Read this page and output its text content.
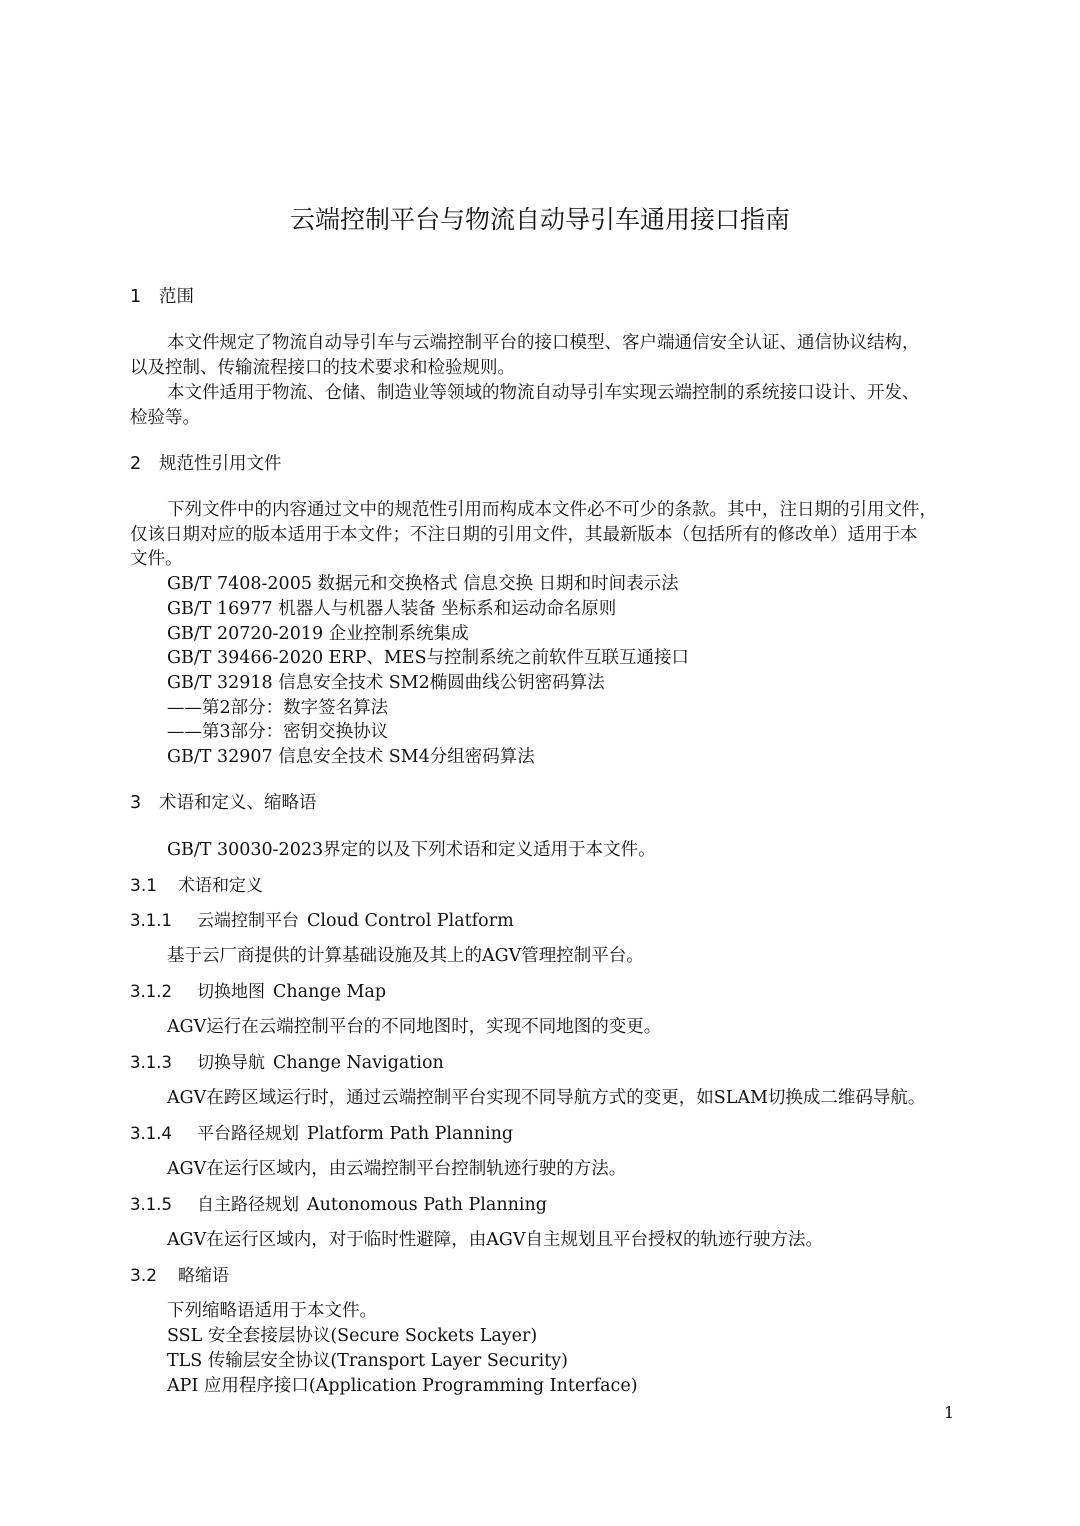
云端控制平台与物流自动导引车通用接口指南
1 范围
本文件规定了物流自动导引车与云端控制平台的接口模型、客户端通信安全认证、通信协议结构，
以及控制、传输流程接口的技术要求和检验规则。
本文件适用于物流、仓储、制造业等领域的物流自动导引车实现云端控制的系统接口设计、开发、
检验等。
2 规范性引用文件
下列文件中的内容通过文中的规范性引用而构成本文件必不可少的条款。其中，注日期的引用文件，
仅该日期对应的版本适用于本文件；不注日期的引用文件，其最新版本（包括所有的修改单）适用于本
文件。
GB/T 7408-2005 数据元和交换格式 信息交换 日期和时间表示法
GB/T 16977 机器人与机器人装备 坐标系和运动命名原则
GB/T 20720-2019 企业控制系统集成
GB/T 39466-2020 ERP、MES与控制系统之前软件互联互通接口
GB/T 32918 信息安全技术 SM2椭圆曲线公钥密码算法
——第2部分：数字签名算法
——第3部分：密钥交换协议
GB/T 32907 信息安全技术 SM4分组密码算法
3 术语和定义、缩略语
GB/T 30030-2023界定的以及下列术语和定义适用于本文件。
3.1 术语和定义
3.1.1 云端控制平台 Cloud Control Platform
基于云厂商提供的计算基础设施及其上的AGV管理控制平台。
3.1.2 切换地图 Change Map
AGV运行在云端控制平台的不同地图时，实现不同地图的变更。
3.1.3 切换导航 Change Navigation
AGV在跨区域运行时，通过云端控制平台实现不同导航方式的变更，如SLAM切换成二维码导航。
3.1.4 平台路径规划 Platform Path Planning
AGV在运行区域内，由云端控制平台控制轨迹行驶的方法。
3.1.5 自主路径规划 Autonomous Path Planning
AGV在运行区域内，对于临时性避障，由AGV自主规划且平台授权的轨迹行驶方法。
3.2 略缩语
下列缩略语适用于本文件。
SSL 安全套接层协议(Secure Sockets Layer)
TLS 传输层安全协议(Transport Layer Security)
API 应用程序接口(Application Programming Interface)
1
